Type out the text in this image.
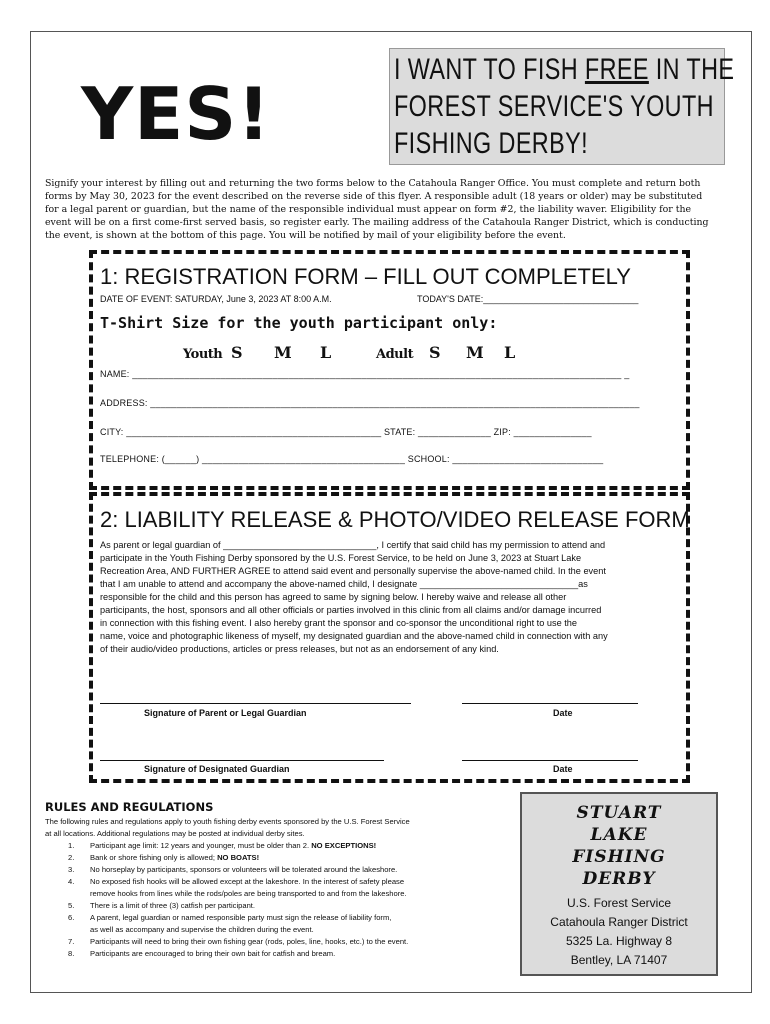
YES!
I WANT TO FISH FREE IN THE
FOREST SERVICE'S YOUTH
FISHING DERBY!

Signify your interest by filling out and returning the two forms below to the Catahoula Ranger Office. You must complete and return both

forms by May 30, 2023 for the event described on the reverse side of this flyer. A responsible adult (18 years or older) may be substituted

for a legal parent or guardian, but the name of the responsible individual must appear on form #2, the liability waver. Eligibility for the

event will be on a first come-first served basis, so register early. The mailing address of the Catahoula Ranger District, which is conducting

the event, is shown at the bottom of this page. You will be notified by mail of your eligibility before the event.

1: REGISTRATION FORM – FILL OUT COMPLETELY
DATE OF EVENT: SATURDAY, June 3, 2023 AT 8:00 A.M.	TODAY'S DATE:_______________________________
T-Shirt Size for the youth participant only:
Youth S M L	Adult S M L
NAME: ______________________________________________________________________________________________ _
ADDRESS: ______________________________________________________________________________________________
CITY: _________________________________________________ STATE: ______________ ZIP: _______________
TELEPHONE: (______) _______________________________________ SCHOOL: _____________________________
2: LIABILITY RELEASE & PHOTO/VIDEO RELEASE FORM

As parent or legal guardian of ______________________________, I certify that said child has my permission to attend and

participate in the Youth Fishing Derby sponsored by the U.S. Forest Service, to be held on June 3, 2023 at Stuart Lake

Recreation Area, AND FURTHER AGREE to attend said event and personally supervise the above-named child. In the event

that I am unable to attend and accompany the above-named child, I designate _______________________________as

responsible for the child and this person has agreed to same by signing below. I hereby waive and release all other

participants, the host, sponsors and all other officials or parties involved in this clinic from all claims and/or damage incurred

in connection with this fishing event. I also hereby grant the sponsor and co-sponsor the unconditional right to use the

name, voice and photographic likeness of myself, my designated guardian and the above-named child in connection with any

of their audio/video productions, articles or press releases, but not as an endorsement of any kind.

Signature of Parent or Legal Guardian	Date
Signature of Designated Guardian	Date
RULES AND REGULATIONS

The following rules and regulations apply to youth fishing derby events sponsored by the U.S. Forest Service

at all locations. Additional regulations may be posted at individual derby sites.

1. Participant age limit: 12 years and younger, must be older than 2. NO EXCEPTIONS!
2. Bank or shore fishing only is allowed; NO BOATS!
3. No horseplay by participants, sponsors or volunteers will be tolerated around the lakeshore.
4. No exposed fish hooks will be allowed except at the lakeshore. In the interest of safety please
remove hooks from lines while the rods/poles are being transported to and from the lakeshore.
5. There is a limit of three (3) catfish per participant.
6. A parent, legal guardian or named responsible party must sign the release of liability form,
as well as accompany and supervise the children during the event.
7. Participants will need to bring their own fishing gear (rods, poles, line, hooks, etc.) to the event.
8. Participants are encouraged to bring their own bait for catfish and bream.
STUART
LAKE
FISHING
DERBY
U.S. Forest Service
Catahoula Ranger District
5325 La. Highway 8
Bentley, LA 71407
